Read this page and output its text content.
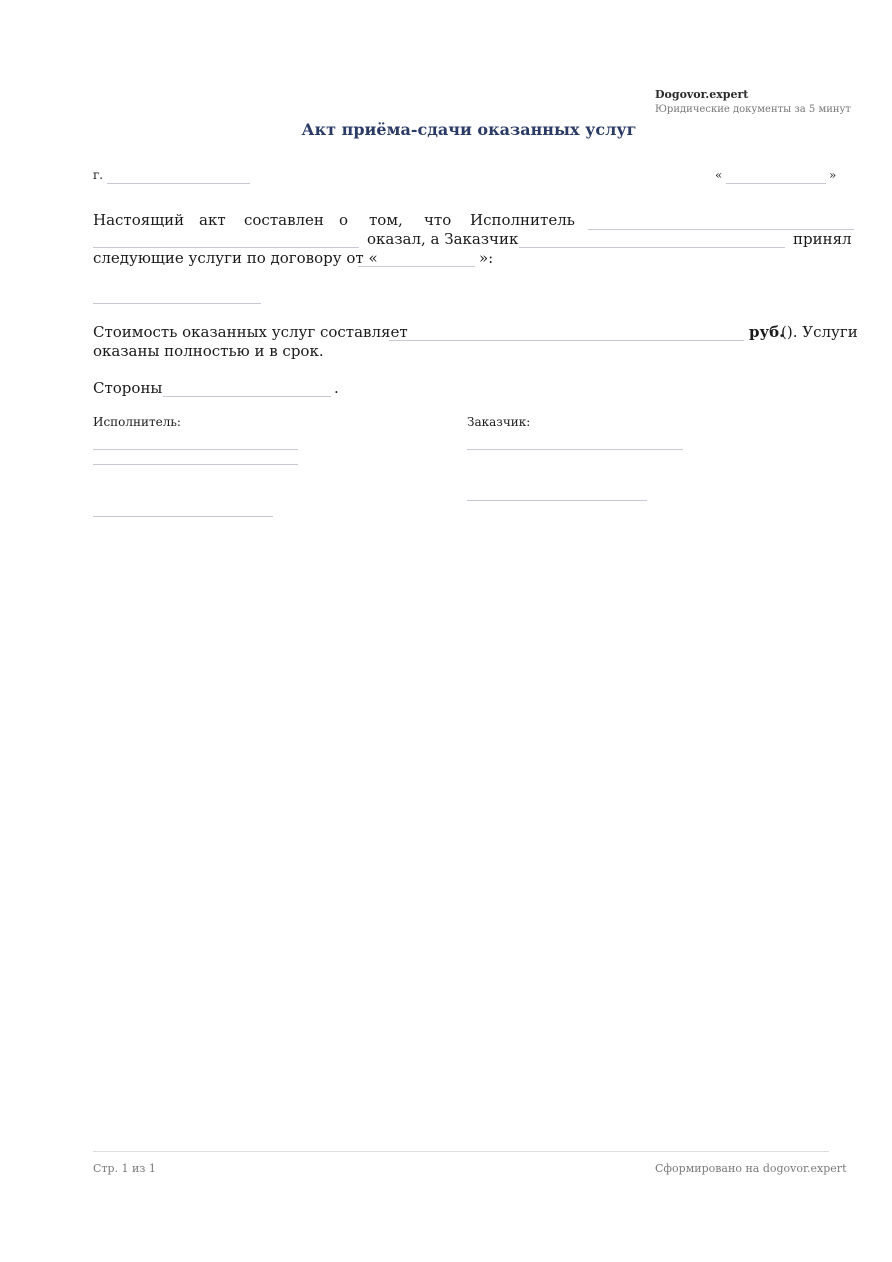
Dogovor.expert
Юридические документы за 5 минут
Акт приёма-сдачи оказанных услуг
г.	«	»
Настоящий акт составлен о том, что Исполнитель
оказал, а Заказчик	принял
следующие услуги по договору от «	»:
Стоимость оказанных услуг составляет	руб.
(). Услуги
оказаны полностью и в срок.
Стороны	.
Исполнитель:	Заказчик:
Стр. 1 из 1	Сформировано на dogovor.expert
